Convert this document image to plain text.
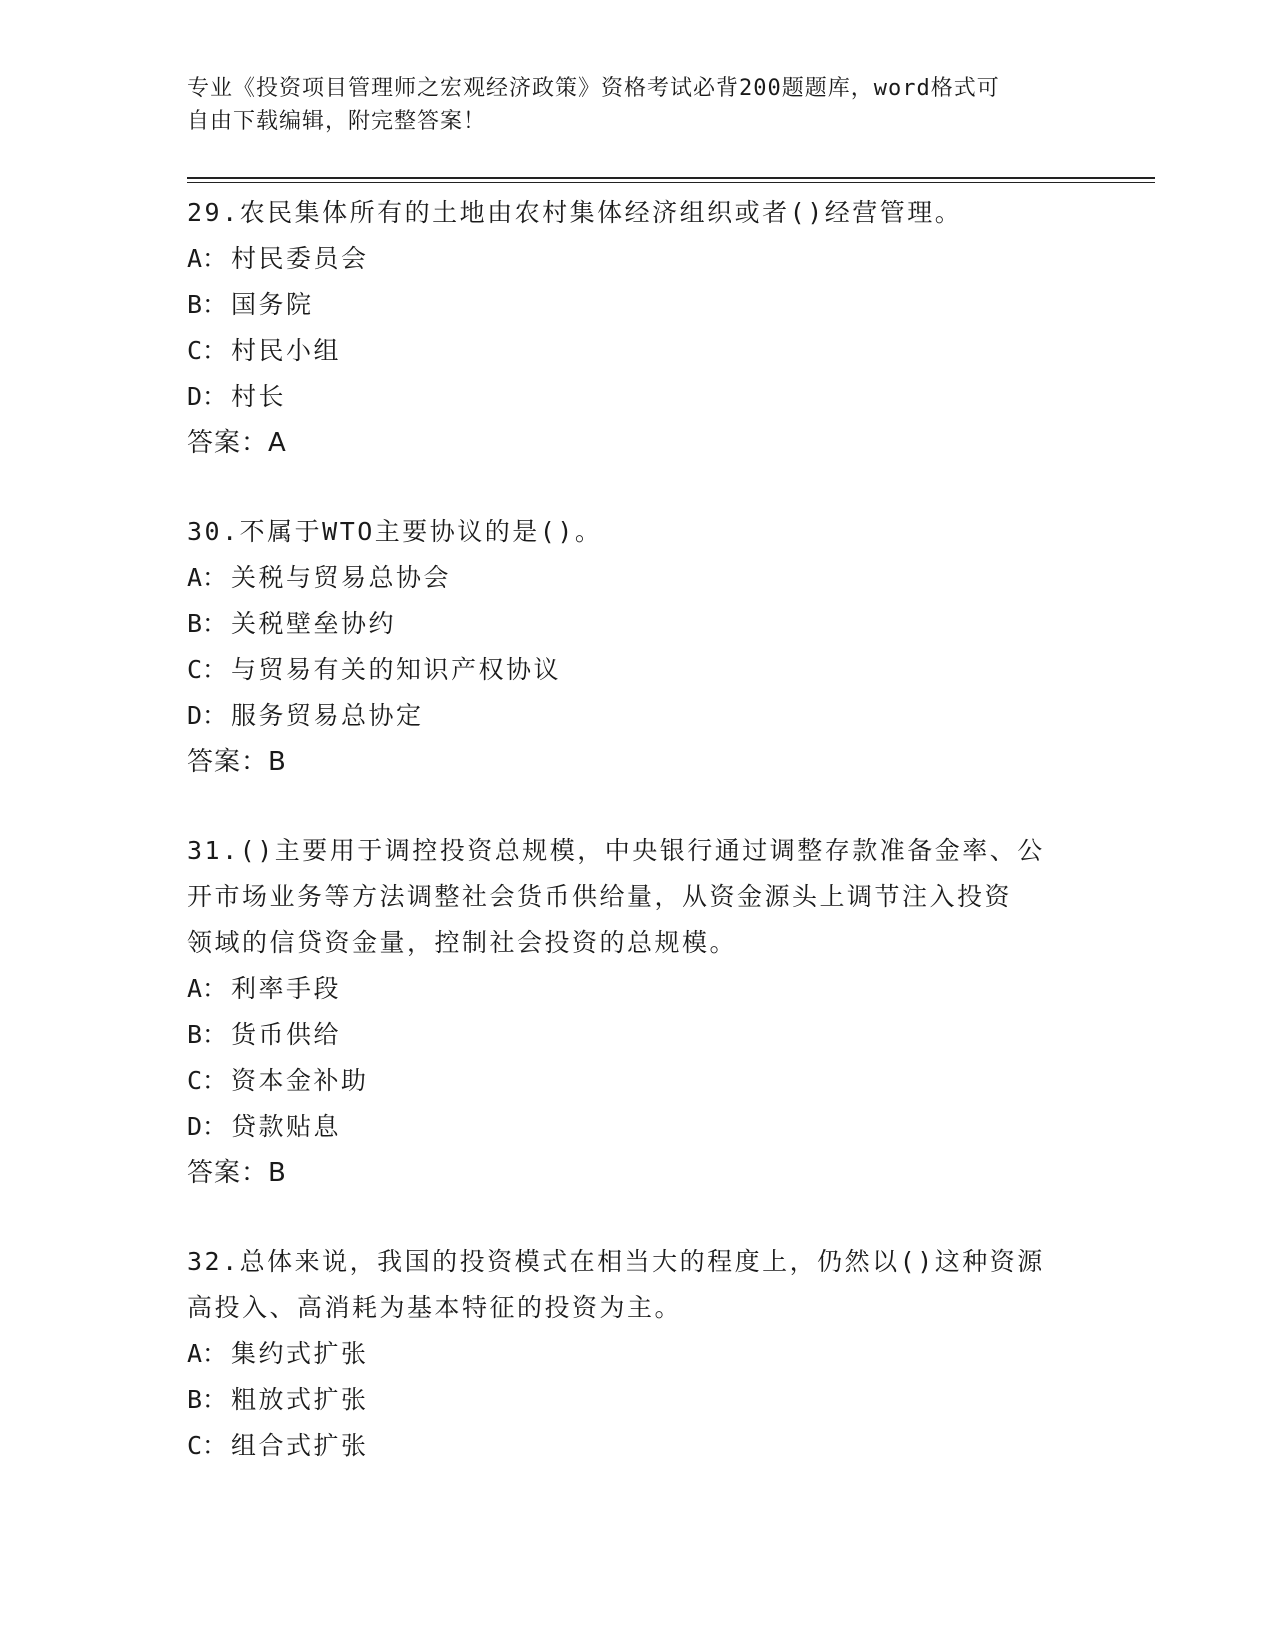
专业《投资项目管理师之宏观经济政策》资格考试必背200题题库，word格式可
自由下载编辑，附完整答案！
29.农民集体所有的土地由农村集体经济组织或者()经营管理。
A： 村民委员会
B： 国务院
C： 村民小组
D： 村长
答案：A
30.不属于WTO主要协议的是()。
A： 关税与贸易总协会
B： 关税壁垒协约
C： 与贸易有关的知识产权协议
D： 服务贸易总协定
答案：B
31.()主要用于调控投资总规模，中央银行通过调整存款准备金率、公
开市场业务等方法调整社会货币供给量，从资金源头上调节注入投资
领域的信贷资金量，控制社会投资的总规模。
A： 利率手段
B： 货币供给
C： 资本金补助
D： 贷款贴息
答案：B
32.总体来说，我国的投资模式在相当大的程度上，仍然以()这种资源
高投入、高消耗为基本特征的投资为主。
A： 集约式扩张
B： 粗放式扩张
C： 组合式扩张
